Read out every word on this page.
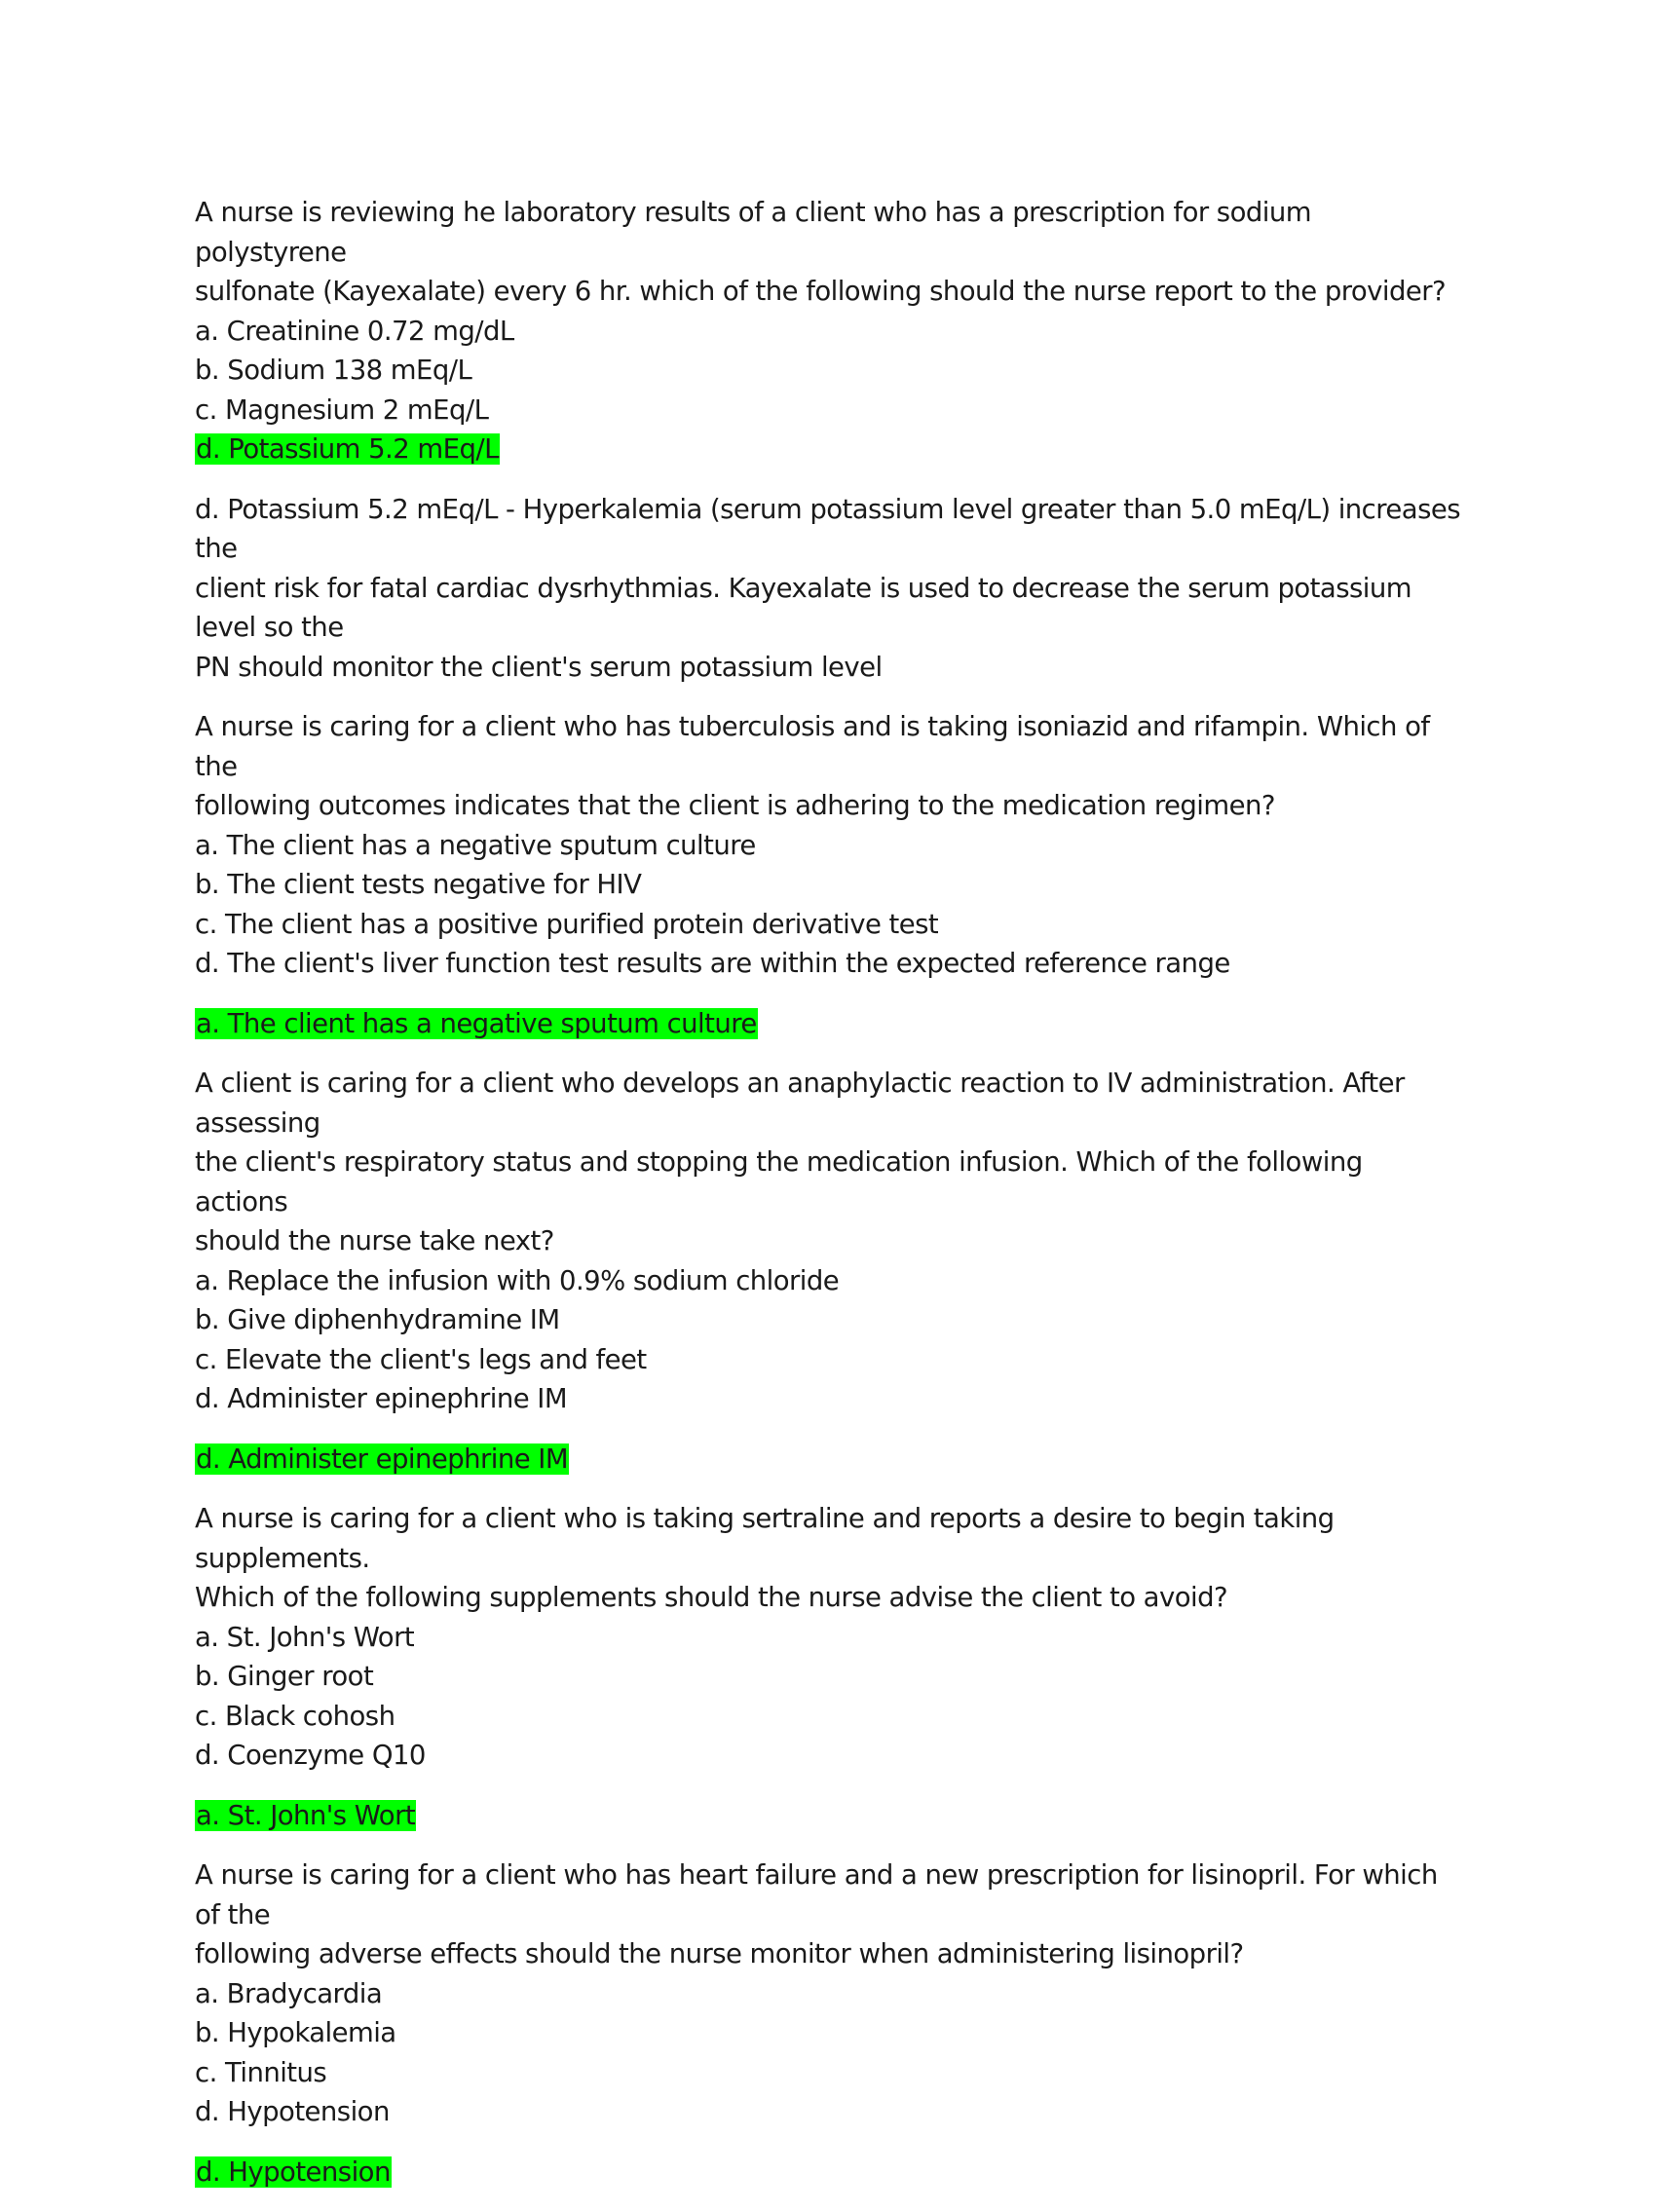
A nurse is reviewing he laboratory results of a client who has a prescription for sodium polystyrene
sulfonate (Kayexalate) every 6 hr. which of the following should the nurse report to the provider?
a. Creatinine 0.72 mg/dL
b. Sodium 138 mEq/L
c. Magnesium 2 mEq/L
d. Potassium 5.2 mEq/L
d. Potassium 5.2 mEq/L - Hyperkalemia (serum potassium level greater than 5.0 mEq/L) increases the
client risk for fatal cardiac dysrhythmias. Kayexalate is used to decrease the serum potassium level so the
PN should monitor the client's serum potassium level
A nurse is caring for a client who has tuberculosis and is taking isoniazid and rifampin. Which of the
following outcomes indicates that the client is adhering to the medication regimen?
a. The client has a negative sputum culture
b. The client tests negative for HIV
c. The client has a positive purified protein derivative test
d. The client's liver function test results are within the expected reference range
a. The client has a negative sputum culture
A client is caring for a client who develops an anaphylactic reaction to IV administration. After assessing
the client's respiratory status and stopping the medication infusion. Which of the following actions
should the nurse take next?
a. Replace the infusion with 0.9% sodium chloride
b. Give diphenhydramine IM
c. Elevate the client's legs and feet
d. Administer epinephrine IM
d. Administer epinephrine IM
A nurse is caring for a client who is taking sertraline and reports a desire to begin taking supplements.
Which of the following supplements should the nurse advise the client to avoid?
a. St. John's Wort
b. Ginger root
c. Black cohosh
d. Coenzyme Q10
a. St. John's Wort
A nurse is caring for a client who has heart failure and a new prescription for lisinopril. For which of the
following adverse effects should the nurse monitor when administering lisinopril?
a. Bradycardia
b. Hypokalemia
c. Tinnitus
d. Hypotension
d. Hypotension
